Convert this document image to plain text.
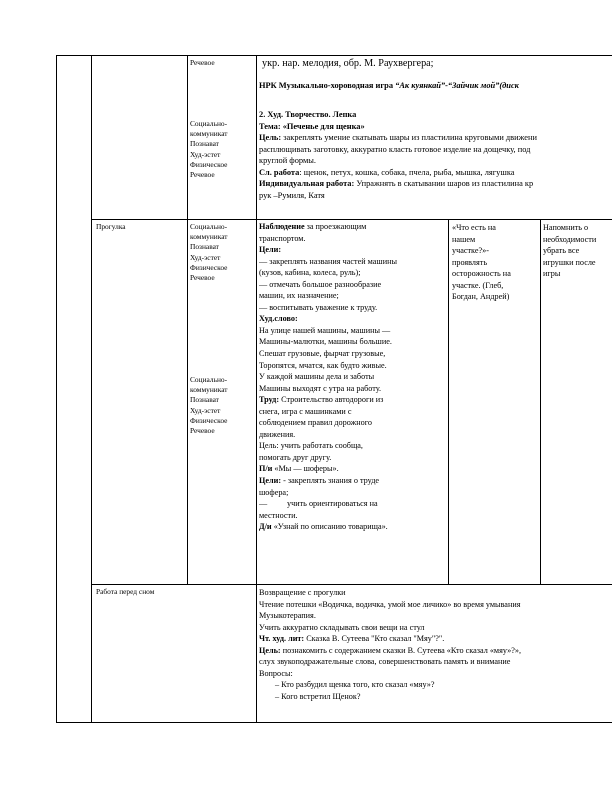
Речевое
Социально-
коммуникат
Познават
Худ-эстет
Физическое
Речевое
укр. нар. мелодия, обр. М. Раухвергера;
НРК Музыкально-хороводная игра “Ак куянкай”-“Зайчик мой”(диск
2. Худ. Творчество. Лепка
Тема: «Печенье для щенка»
Цель: закреплять умение скатывать шары из пластилина круговыми движени
расплющивать заготовку, аккуратно класть готовое изделие на дощечку, под
круглой формы.
Сл. работа: щенок, петух, кошка, собака, пчела, рыба, мышка, лягушка
Индивидуальная работа: Упражнять в скатывании шаров из пластилина кр
рук –Румиля, Катя
Прогулка	Социально-
коммуникат
Познават
Худ-эстет
Физическое
Речевое
Социально-
коммуникат
Познават
Худ-эстет
Физическое
Речевое
Наблюдение за проезжающим
транспортом.
Цели:
— закреплять названия частей машины
(кузов, кабина, колеса, руль);
— отмечать большое разнообразие
машин, их назначение;
— воспитывать уважение к труду.
Худ.слово:
На улице нашей машины, машины —
Машины-малютки, машины большие.
Спешат грузовые, фырчат грузовые,
Торопятся, мчатся, как будто живые.
У каждой машины дела и заботы
Машины выходят с утра на работу.
Труд: Строительство автодороги из
снега, игра с машинками с
соблюдением правил дорожного
движения.
Цель: учить работать сообща,
помогать друг другу.
П/и «Мы — шоферы».
Цели: - закреплять знания о труде
шофера;
— учить ориентироваться на
местности.
Д/и «Узнай по описанию товарища».
«Что есть на
нашем
участке?»-
проявлять
осторожность на
участке. (Глеб,
Богдан, Андрей)
Напомнить о
необходимости
убрать все
игрушки после
игры
Работа перед сном	Возвращение с прогулки
Чтение потешки «Водичка, водичка, умой мое личико» во время умывания
Музыкотерапия.
Учить аккуратно складывать свои вещи на стул
Чт. худ. лит: Сказка В. Сутеева "Кто сказал "Мяу"?".
Цель: познакомить с содержанием сказки В. Сутеева «Кто сказал «мяу»?»,
слух звукоподражательные слова, совершенствовать память и внимание
Вопросы:
– Кто разбудил щенка того, кто сказал «мяу»?
– Кого встретил Щенок?
